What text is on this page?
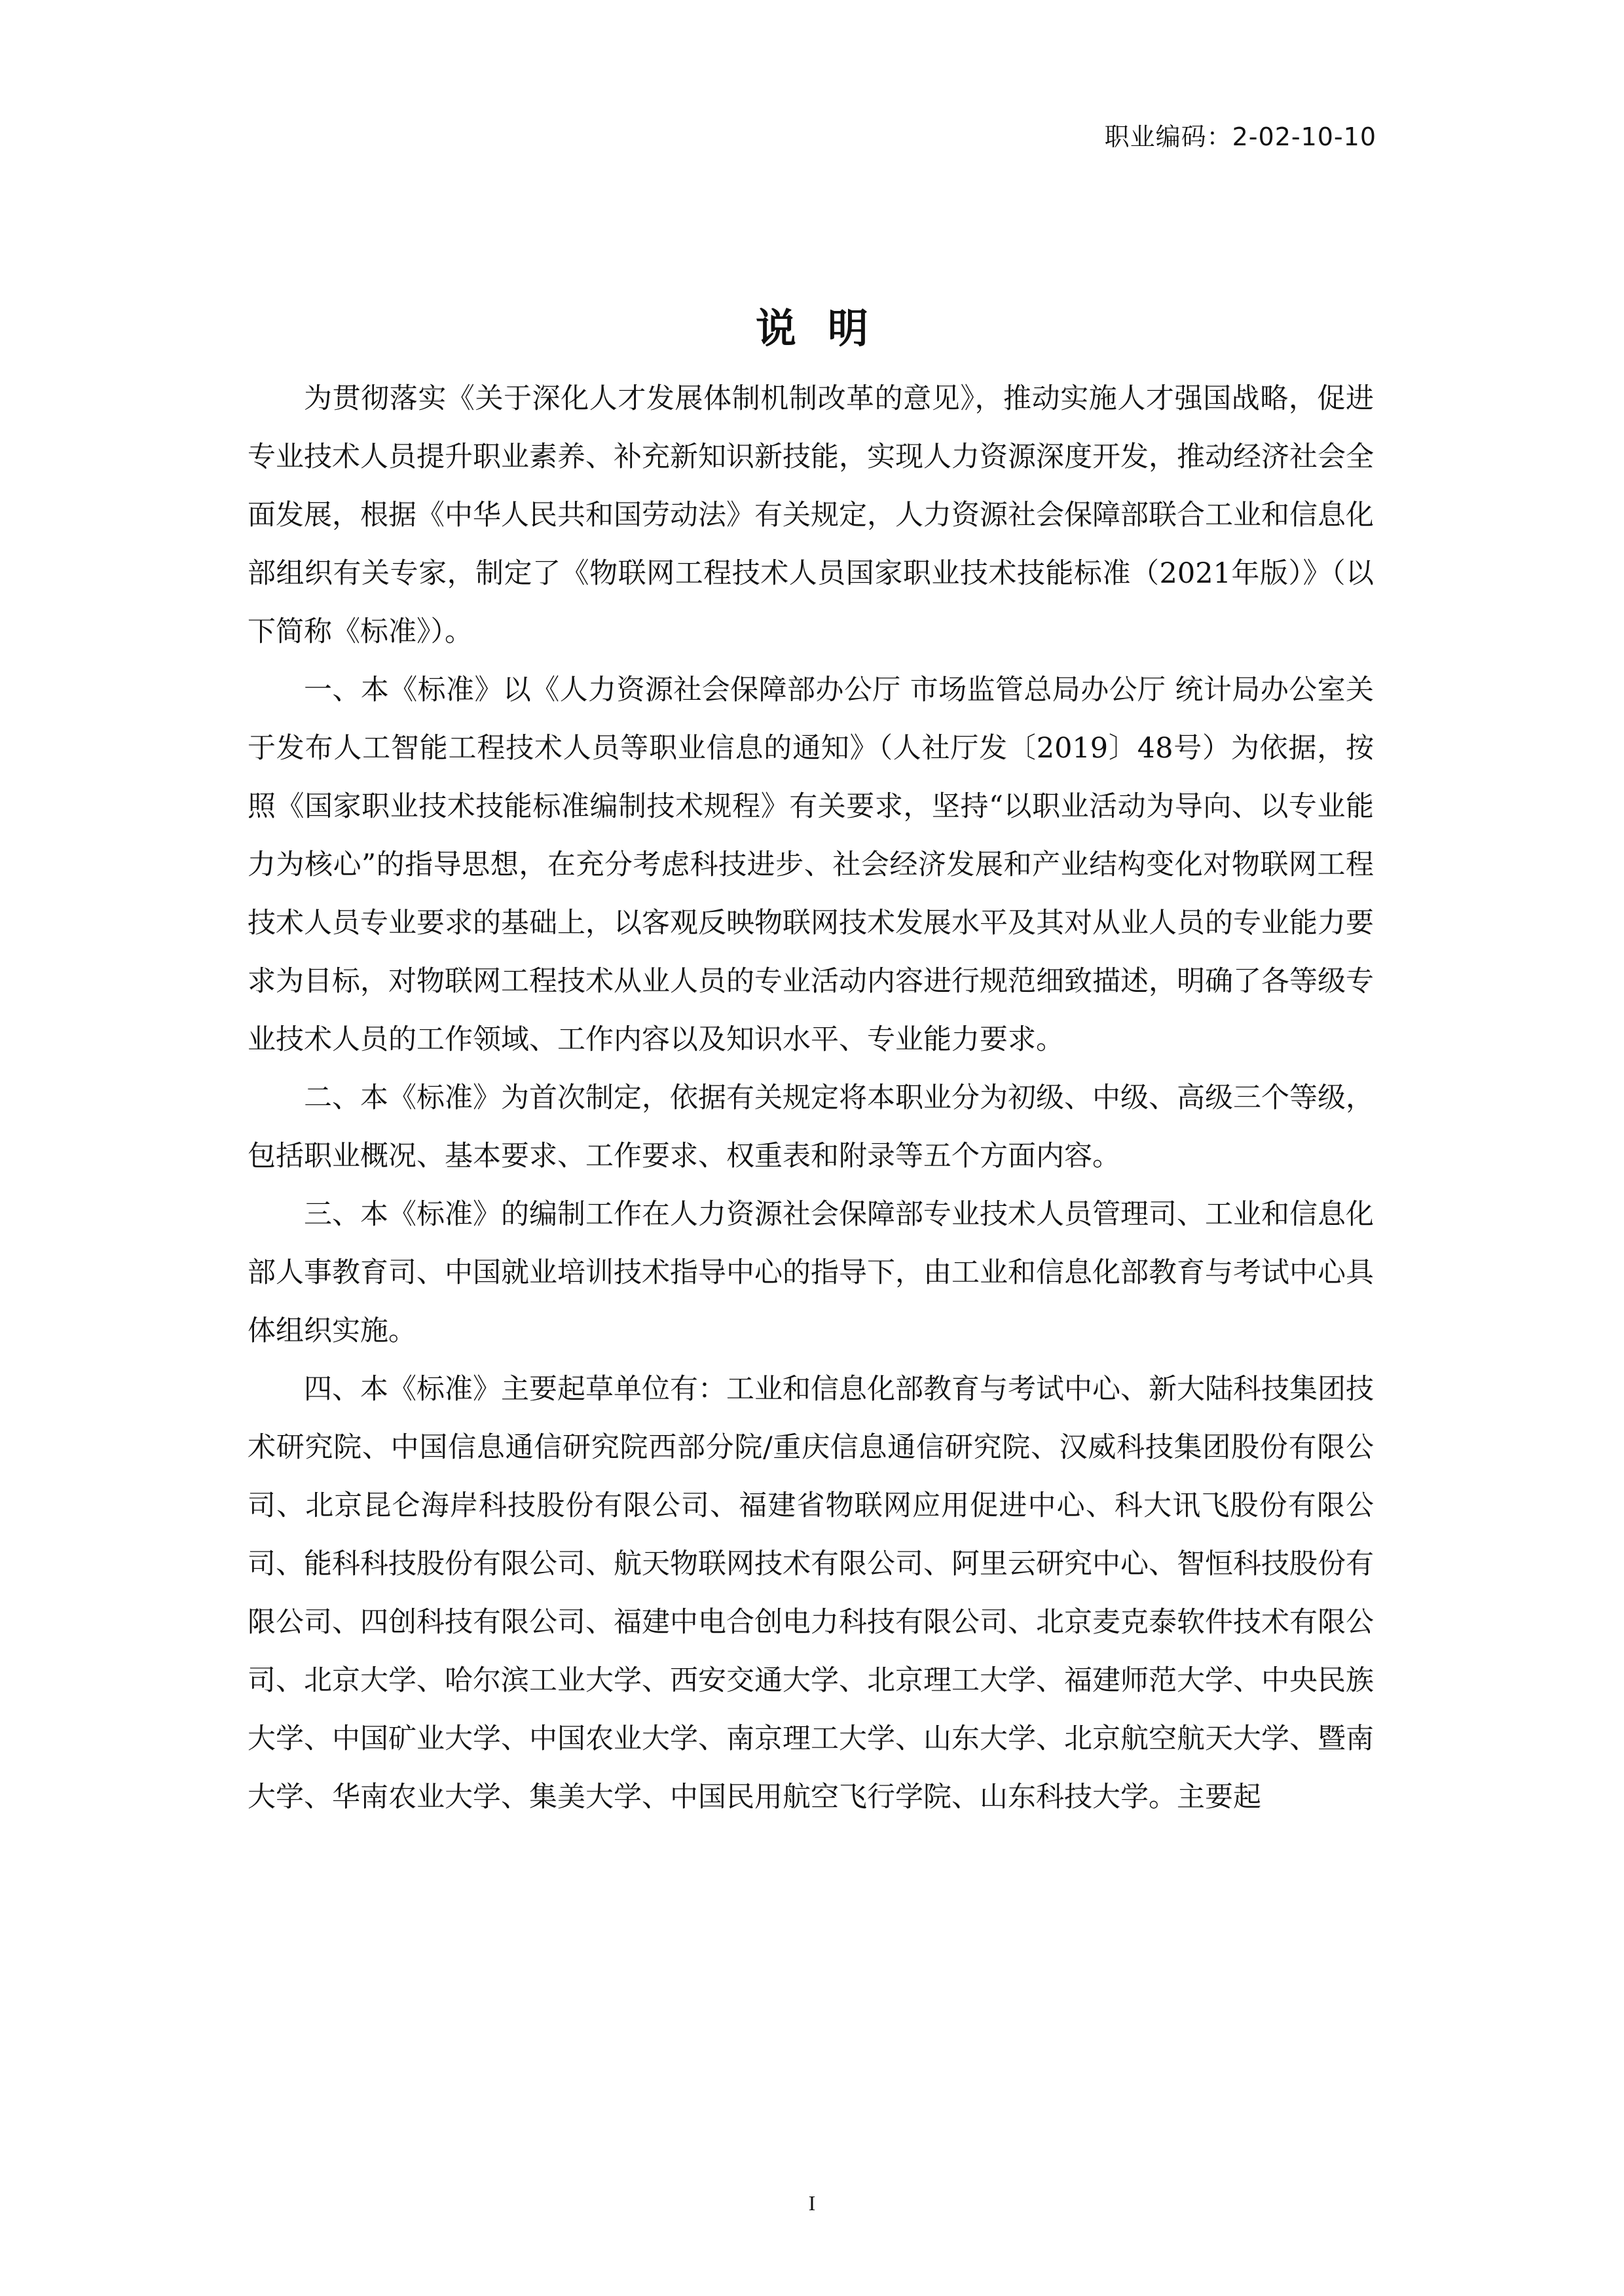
职业编码：2-02-10-10
说明

为贯彻落实《关于深化人才发展体制机制改革的意见》，推动实施人才强国战略，促进专业技术人员提升职业素养、补充新知识新技能，实现人力资源深度开发，推动经济社会全面发展，根据《中华人民共和国劳动法》有关规定，人力资源社会保障部联合工业和信息化部组织有关专家，制定了《物联网工程技术人员国家职业技术技能标准（2021年版）》（以下简称《标准》）。

一、本《标准》以《人力资源社会保障部办公厅 市场监管总局办公厅 统计局办公室关于发布人工智能工程技术人员等职业信息的通知》（人社厅发〔2019〕48号）为依据，按照《国家职业技术技能标准编制技术规程》有关要求，坚持“以职业活动为导向、以专业能力为核心”的指导思想，在充分考虑科技进步、社会经济发展和产业结构变化对物联网工程技术人员专业要求的基础上，以客观反映物联网技术发展水平及其对从业人员的专业能力要求为目标，对物联网工程技术从业人员的专业活动内容进行规范细致描述，明确了各等级专业技术人员的工作领域、工作内容以及知识水平、专业能力要求。

二、本《标准》为首次制定，依据有关规定将本职业分为初级、中级、高级三个等级，包括职业概况、基本要求、工作要求、权重表和附录等五个方面内容。

三、本《标准》的编制工作在人力资源社会保障部专业技术人员管理司、工业和信息化部人事教育司、中国就业培训技术指导中心的指导下，由工业和信息化部教育与考试中心具体组织实施。

四、本《标准》主要起草单位有：工业和信息化部教育与考试中心、新大陆科技集团技术研究院、中国信息通信研究院西部分院/重庆信息通信研究院、汉威科技集团股份有限公司、北京昆仑海岸科技股份有限公司、福建省物联网应用促进中心、科大讯飞股份有限公司、能科科技股份有限公司、航天物联网技术有限公司、阿里云研究中心、智恒科技股份有限公司、四创科技有限公司、福建中电合创电力科技有限公司、北京麦克泰软件技术有限公司、北京大学、哈尔滨工业大学、西安交通大学、北京理工大学、福建师范大学、中央民族大学、中国矿业大学、中国农业大学、南京理工大学、山东大学、北京航空航天大学、暨南大学、华南农业大学、集美大学、中国民用航空飞行学院、山东科技大学。主要起

I
